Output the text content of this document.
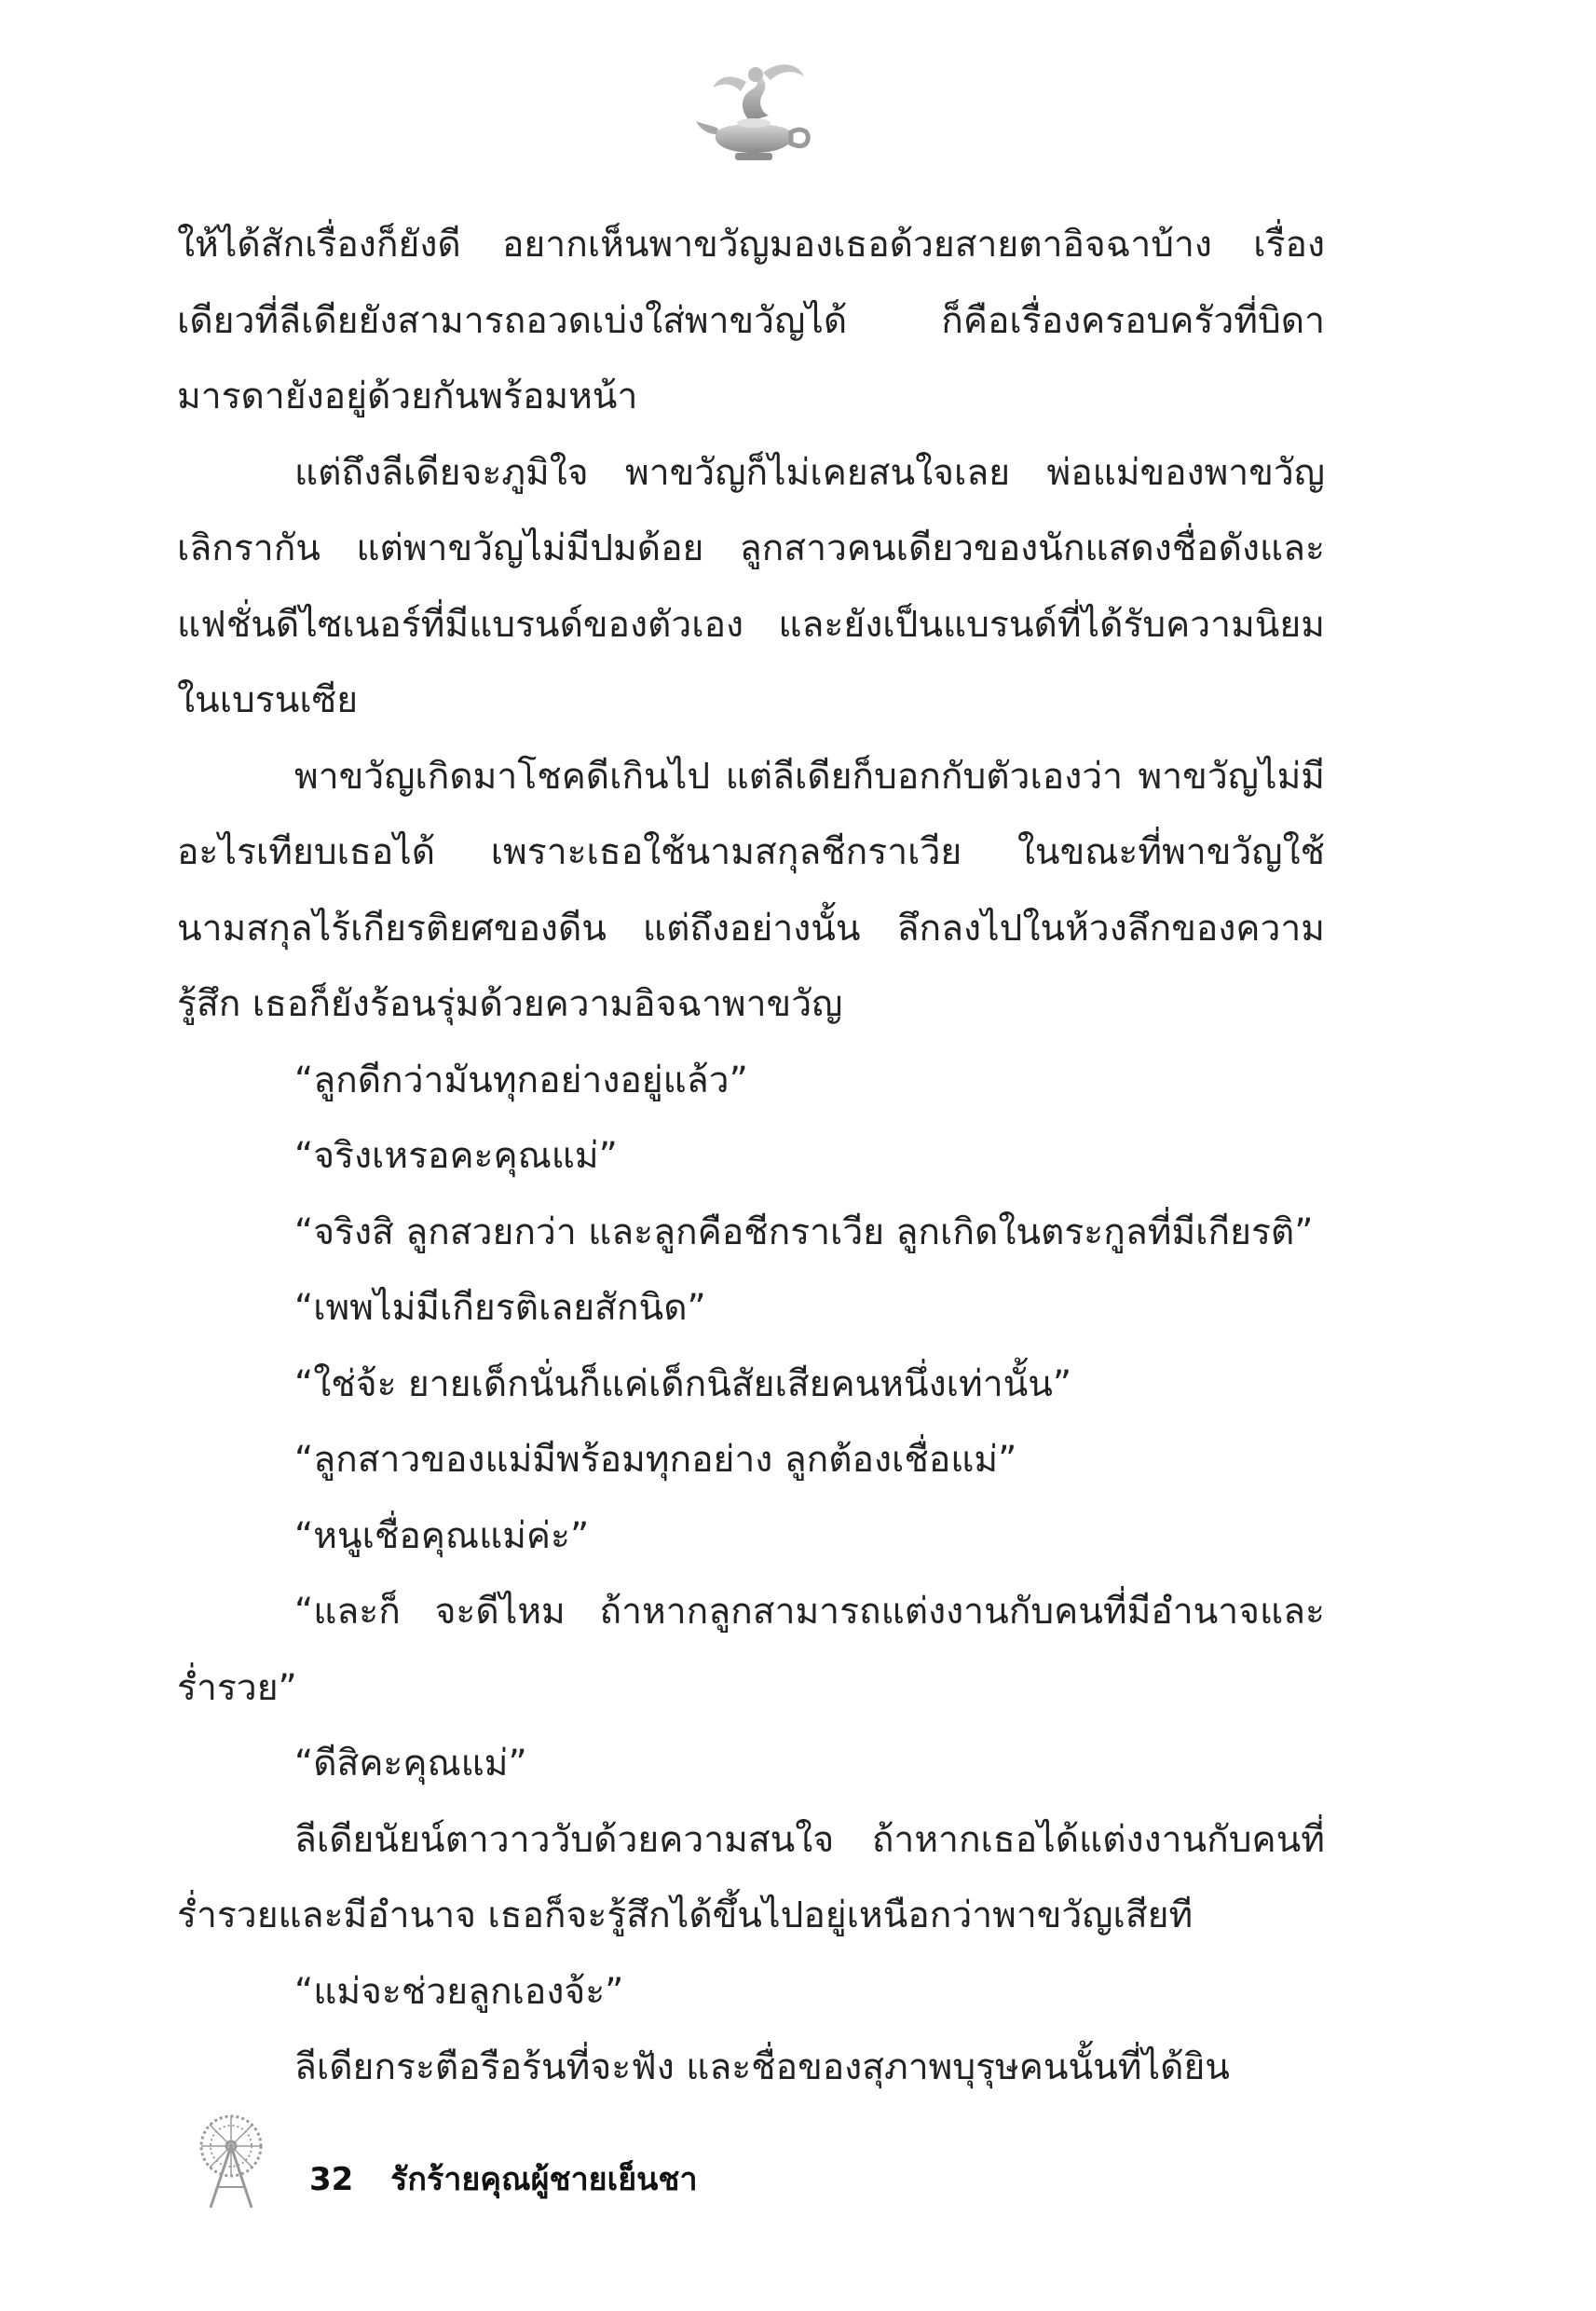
ให้ได้สักเรื่องก็ยังดี อยากเห็นพาขวัญมองเธอด้วยสายตาอิจฉาบ้าง เรื่องเดียวที่ลีเดียยังสามารถอวดเบ่งใส่พาขวัญได้ ก็คือเรื่องครอบครัวที่บิดามารดายังอยู่ด้วยกันพร้อมหน้า

แต่ถึงลีเดียจะภูมิใจ พาขวัญก็ไม่เคยสนใจเลย พ่อแม่ของพาขวัญเลิกรากัน แต่พาขวัญไม่มีปมด้อย ลูกสาวคนเดียวของนักแสดงชื่อดังและแฟชั่นดีไซเนอร์ที่มีแบรนด์ของตัวเอง และยังเป็นแบรนด์ที่ได้รับความนิยมในเบรนเซีย

พาขวัญเกิดมาโชคดีเกินไป แต่ลีเดียก็บอกกับตัวเองว่า พาขวัญไม่มีอะไรเทียบเธอได้ เพราะเธอใช้นามสกุลชีกราเวีย ในขณะที่พาขวัญใช้นามสกุลไร้เกียรติยศของดีน แต่ถึงอย่างนั้น ลึกลงไปในห้วงลึกของความรู้สึก เธอก็ยังร้อนรุ่มด้วยความอิจฉาพาขวัญ

“ลูกดีกว่ามันทุกอย่างอยู่แล้ว”

“จริงเหรอคะคุณแม่”

“จริงสิ ลูกสวยกว่า และลูกคือชีกราเวีย ลูกเกิดในตระกูลที่มีเกียรติ”

“เพพไม่มีเกียรติเลยสักนิด”

“ใช่จ้ะ ยายเด็กนั่นก็แค่เด็กนิสัยเสียคนหนึ่งเท่านั้น”

“ลูกสาวของแม่มีพร้อมทุกอย่าง ลูกต้องเชื่อแม่”

“หนูเชื่อคุณแม่ค่ะ”

“และก็ จะดีไหม ถ้าหากลูกสามารถแต่งงานกับคนที่มีอำนาจและร่ำรวย”

“ดีสิคะคุณแม่”

ลีเดียนัยน์ตาวาววับด้วยความสนใจ ถ้าหากเธอได้แต่งงานกับคนที่ร่ำรวยและมีอำนาจ เธอก็จะรู้สึกได้ขึ้นไปอยู่เหนือกว่าพาขวัญเสียที

“แม่จะช่วยลูกเองจ้ะ”

ลีเดียกระตือรือร้นที่จะฟัง และชื่อของสุภาพบุรุษคนนั้นที่ได้ยิน

32 รักร้ายคุณผู้ชายเย็นชา
